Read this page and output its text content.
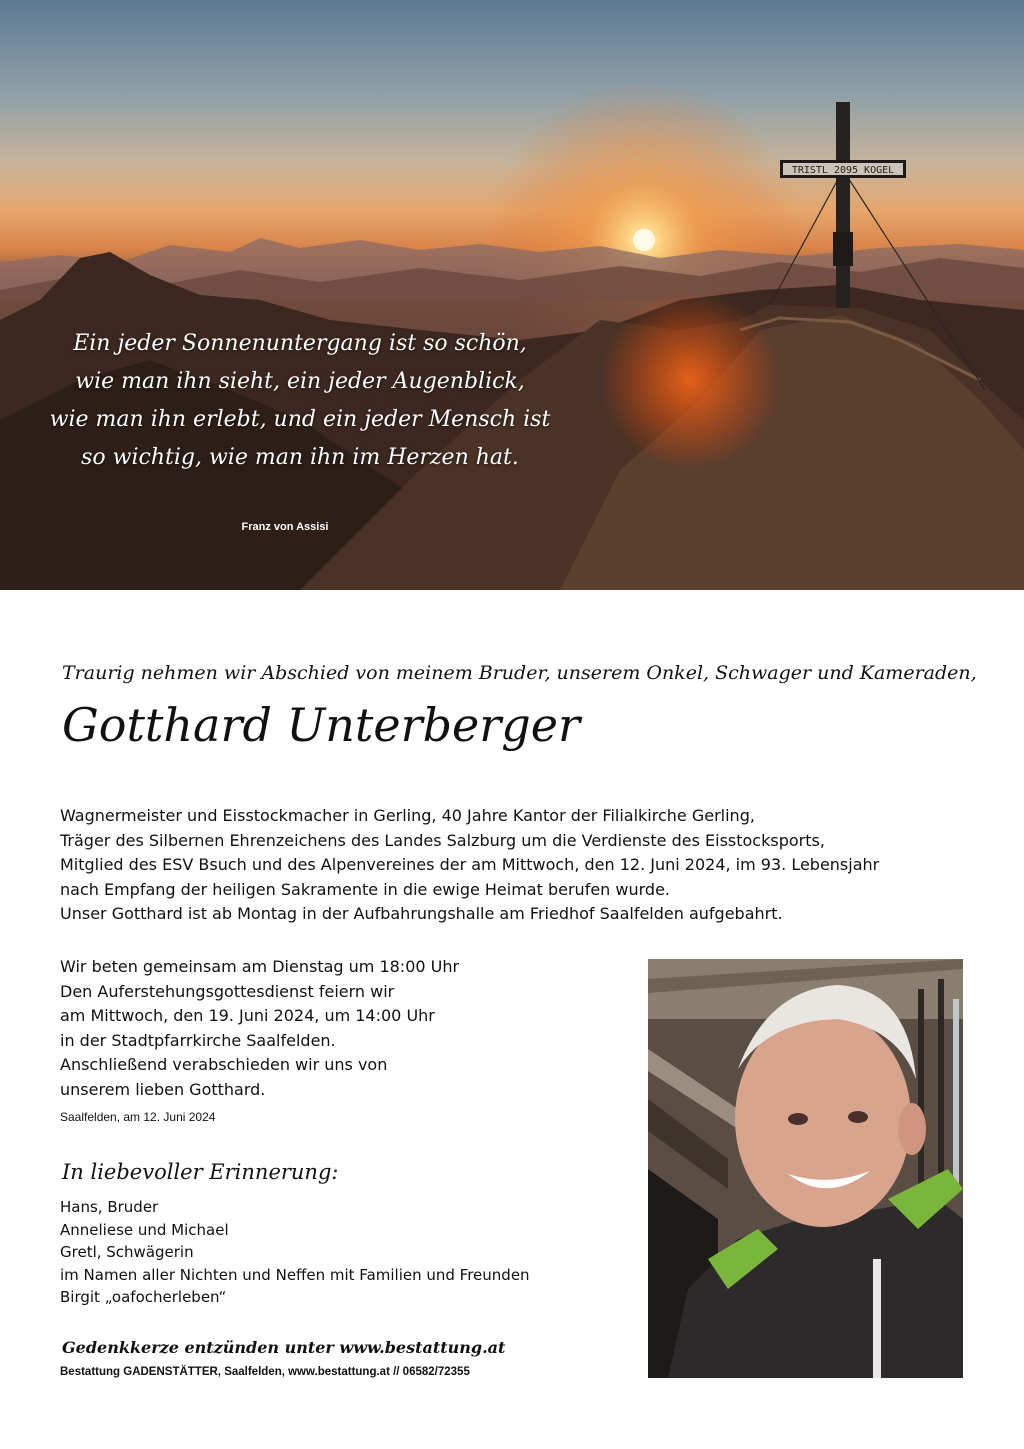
TRISTL 2095 KOGEL
Ein jeder Sonnenuntergang ist so schön,
wie man ihn sieht, ein jeder Augenblick,
wie man ihn erlebt, und ein jeder Mensch ist
so wichtig, wie man ihn im Herzen hat.
Franz von Assisi
Traurig nehmen wir Abschied von meinem Bruder, unserem Onkel, Schwager und Kameraden,
Gotthard Unterberger
Wagnermeister und Eisstockmacher in Gerling, 40 Jahre Kantor der Filialkirche Gerling,
Träger des Silbernen Ehrenzeichens des Landes Salzburg um die Verdienste des Eisstocksports,
Mitglied des ESV Bsuch und des Alpenvereines der am Mittwoch, den 12. Juni 2024, im 93. Lebensjahr
nach Empfang der heiligen Sakramente in die ewige Heimat berufen wurde.
Unser Gotthard ist ab Montag in der Aufbahrungshalle am Friedhof Saalfelden aufgebahrt.
Wir beten gemeinsam am Dienstag um 18:00 Uhr
Den Auferstehungsgottesdienst feiern wir
am Mittwoch, den 19. Juni 2024, um 14:00 Uhr
in der Stadtpfarrkirche Saalfelden.
Anschließend verabschieden wir uns von
unserem lieben Gotthard.
Saalfelden, am 12. Juni 2024
In liebevoller Erinnerung:
Hans, Bruder
Anneliese und Michael
Gretl, Schwägerin
im Namen aller Nichten und Neffen mit Familien und Freunden
Birgit „oafocherleben“
Gedenkkerze entzünden unter www.bestattung.at
Bestattung GADENSTÄTTER, Saalfelden, www.bestattung.at // 06582/72355
